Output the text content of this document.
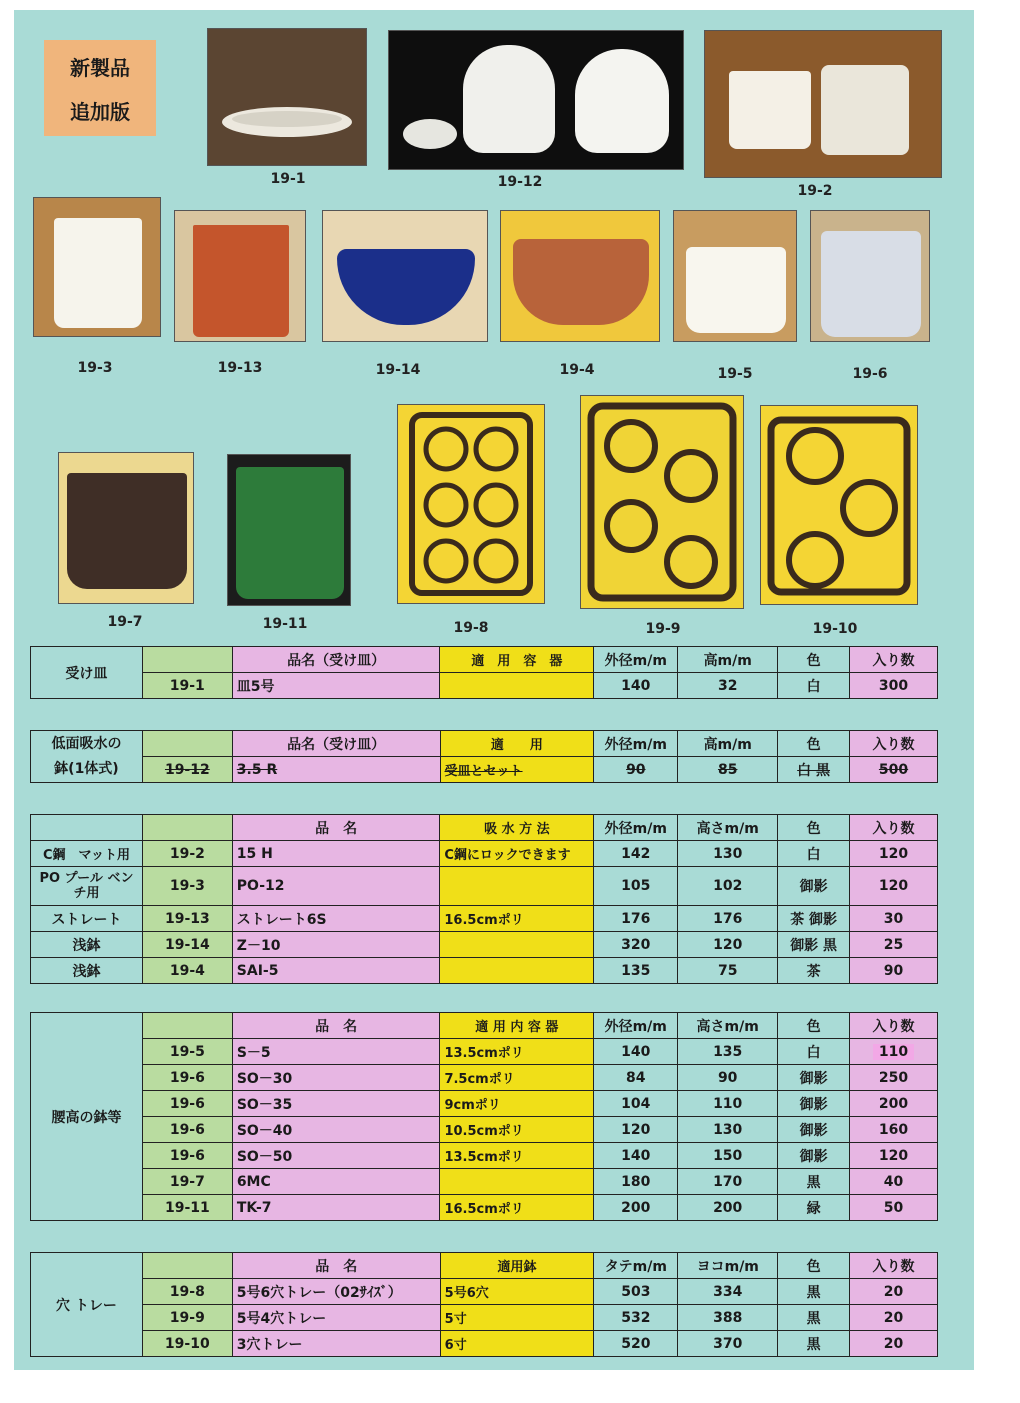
新製品
追加版
19-1	19-12
19-2
19-3	19-13	19-14	19-4	19-5	19-6
19-7	19-11	19-8	19-9	19-10
受け皿		品名（受け皿）	適　用　容　器	外径m/m	高m/m	色	入り数
	19-1	皿5号		140	32	白	300
低面吸水の
鉢(1体式)		品名（受け皿）	適　　用	外径m/m	高m/m	色	入り数
	19-12	3.5 R	受皿とセット	90	85	白 黒	500
		品　名	吸 水 方 法	外径m/m	高さm/m	色	入り数
C鋼　マット用	19-2	15 H	C鋼にロックできます	142	130	白	120
PO プール ベンチ用	19-3	PO-12		105	102	御影	120
ストレート	19-13	ストレート6S	16.5cmポリ	176	176	茶 御影	30
浅鉢	19-14	Z－10		320	120	御影 黒	25
浅鉢	19-4	SAI-5		135	75	茶	90
腰高の鉢等		品　名	適 用 内 容 器	外径m/m	高さm/m	色	入り数
	19-5	S－5	13.5cmポリ	140	135	白	110
	19-6	SO－30	7.5cmポリ	84	90	御影	250
	19-6	SO－35	9cmポリ	104	110	御影	200
	19-6	SO－40	10.5cmポリ	120	130	御影	160
	19-6	SO－50	13.5cmポリ	140	150	御影	120
	19-7	6MC		180	170	黒	40
	19-11	TK-7	16.5cmポリ	200	200	緑	50
穴 トレー		品　名	適用鉢	タテm/m	ヨコm/m	色	入り数
	19-8	5号6穴トレー（02ｻｲｽﾞ）	5号6穴	503	334	黒	20
	19-9	5号4穴トレー	5寸	532	388	黒	20
	19-10	3穴トレー	6寸	520	370	黒	20
